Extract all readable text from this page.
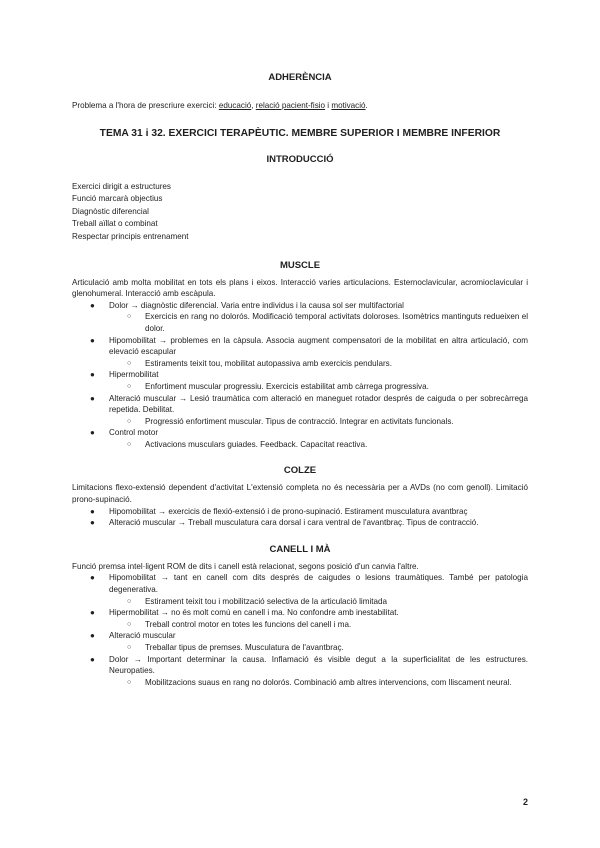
ADHERÈNCIA

Problema a l'hora de prescriure exercici: educació, relació pacient-fisio i motivació.

TEMA 31 i 32. EXERCICI TERAPÈUTIC. MEMBRE SUPERIOR I MEMBRE INFERIOR
INTRODUCCIÓ
Exercici dirigit a estructures
Funció marcarà objectius
Diagnòstic diferencial
Treball aïllat o combinat
Respectar principis entrenament
MUSCLE

Articulació amb molta mobilitat en tots els plans i eixos. Interacció varies articulacions. Esternoclavicular, acromioclavicular i glenohumeral. Interacció amb escàpula.

● Dolor → diagnòstic diferencial. Varia entre individus i la causa sol ser multifactorial
○ Exercicis en rang no dolorós. Modificació temporal activitats doloroses. Isomètrics mantinguts redueixen el dolor.
● Hipomobilitat → problemes en la càpsula. Associa augment compensatori de la mobilitat en altra articulació, com elevació escapular
○ Estiraments teixit tou, mobilitat autopassiva amb exercicis pendulars.
● Hipermobilitat
○ Enfortiment muscular progressiu. Exercicis estabilitat amb càrrega progressiva.
● Alteració muscular → Lesió traumàtica com alteració en maneguet rotador després de caiguda o per sobrecàrrega repetida. Debilitat.
○ Progressió enfortiment muscular. Tipus de contracció. Integrar en activitats funcionals.
● Control motor
○ Activacions musculars guiades. Feedback. Capacitat reactiva.
COLZE

Limitacions flexo-extensió dependent d'activitat L'extensió completa no és necessària per a AVDs (no com genoll). Limitació prono-supinació.

● Hipomobilitat → exercicis de flexió-extensió i de prono-supinació. Estirament musculatura avantbraç
● Alteració muscular → Treball musculatura cara dorsal i cara ventral de l'avantbraç. Tipus de contracció.
CANELL I MÀ

Funció premsa intel·ligent ROM de dits i canell està relacionat, segons posició d'un canvia l'altre.

● Hipomobilitat → tant en canell com dits després de caigudes o lesions traumàtiques. També per patologia degenerativa.
○ Estirament teixit tou i mobilització selectiva de la articulació limitada
● Hipermobilitat → no és molt comú en canell i ma. No confondre amb inestabilitat.
○ Treball control motor en totes les funcions del canell i ma.
● Alteració muscular
○ Treballar tipus de premses. Musculatura de l'avantbraç.
● Dolor → Important determinar la causa. Inflamació és visible degut a la superficialitat de les estructures. Neuropaties.
○ Mobilitzacions suaus en rang no dolorós. Combinació amb altres intervencions, com lliscament neural.
2
